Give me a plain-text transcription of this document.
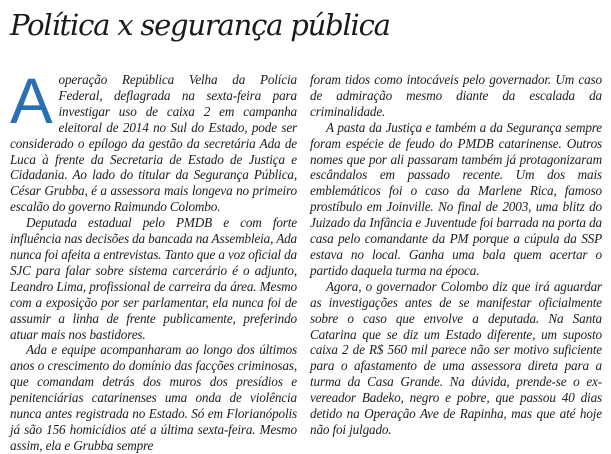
Política x segurança pública

A operação República Velha da Polícia Federal, deflagrada na sexta-feira para investigar uso de caixa 2 em campanha eleitoral de 2014 no Sul do Estado, pode ser considerado o epílogo da gestão da secretária Ada de Luca à frente da Secretaria de Estado de Justiça e Cidadania. Ao lado do titular da Segurança Pública, César Grubba, é a assessora mais longeva no primeiro escalão do governo Raimundo Colombo.

Deputada estadual pelo PMDB e com forte influência nas decisões da bancada na Assembleia, Ada nunca foi afeita a entrevistas. Tanto que a voz oficial da SJC para falar sobre sistema carcerário é o adjunto, Leandro Lima, profissional de carreira da área. Mesmo com a exposição por ser parlamentar, ela nunca foi de assumir a linha de frente publicamente, preferindo atuar mais nos bastidores.

Ada e equipe acompanharam ao longo dos últimos anos o crescimento do domínio das facções criminosas, que comandam detrás dos muros dos presídios e penitenciárias catarinenses uma onda de violência nunca antes registrada no Estado. Só em Florianópolis já são 156 homicídios até a última sexta-feira. Mesmo assim, ela e Grubba sempre

foram tidos como intocáveis pelo governador. Um caso de admiração mesmo diante da escalada da criminalidade.

A pasta da Justiça e também a da Segurança sempre foram espécie de feudo do PMDB catarinense. Outros nomes que por ali passaram também já protagonizaram escândalos em passado recente. Um dos mais emblemáticos foi o caso da Marlene Rica, famoso prostíbulo em Joinville. No final de 2003, uma blitz do Juizado da Infância e Juventude foi barrada na porta da casa pelo comandante da PM porque a cúpula da SSP estava no local. Ganha uma bala quem acertar o partido daquela turma na época.

Agora, o governador Colombo diz que irá aguardar as investigações antes de se manifestar oficialmente sobre o caso que envolve a deputada. Na Santa Catarina que se diz um Estado diferente, um suposto caixa 2 de R$ 560 mil parece não ser motivo suficiente para o afastamento de uma assessora direta para a turma da Casa Grande. Na dúvida, prende-se o ex-vereador Badeko, negro e pobre, que passou 40 dias detido na Operação Ave de Rapinha, mas que até hoje não foi julgado.
